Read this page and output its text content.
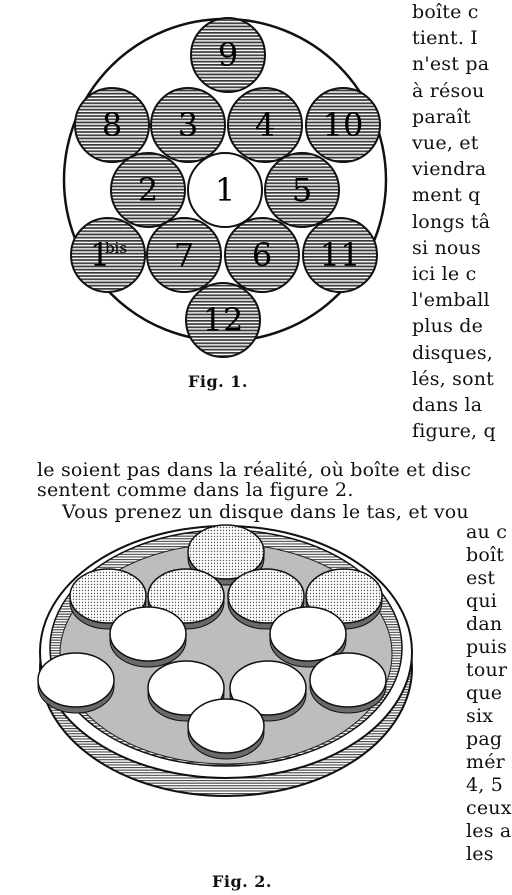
9
8 3 4 10
2 1 5
1
bis 7 6 11
12
Fig. 1.
boîte c
tient. I
n'est pa
à résou
paraît
vue, et
viendra
ment q
longs tâ
si nous
ici le c
l'emball
plus de
disques,
lés, sont
dans la
figure, q
le soient pas dans la réalité, où boîte et disc
sentent comme dans la figure 2.
Vous prenez un disque dans le tas, et vou
Fig. 2.
au c
boît
est
qui
dan
puis
tour
que
six
pag
mér
4, 5
ceux
les a
les
